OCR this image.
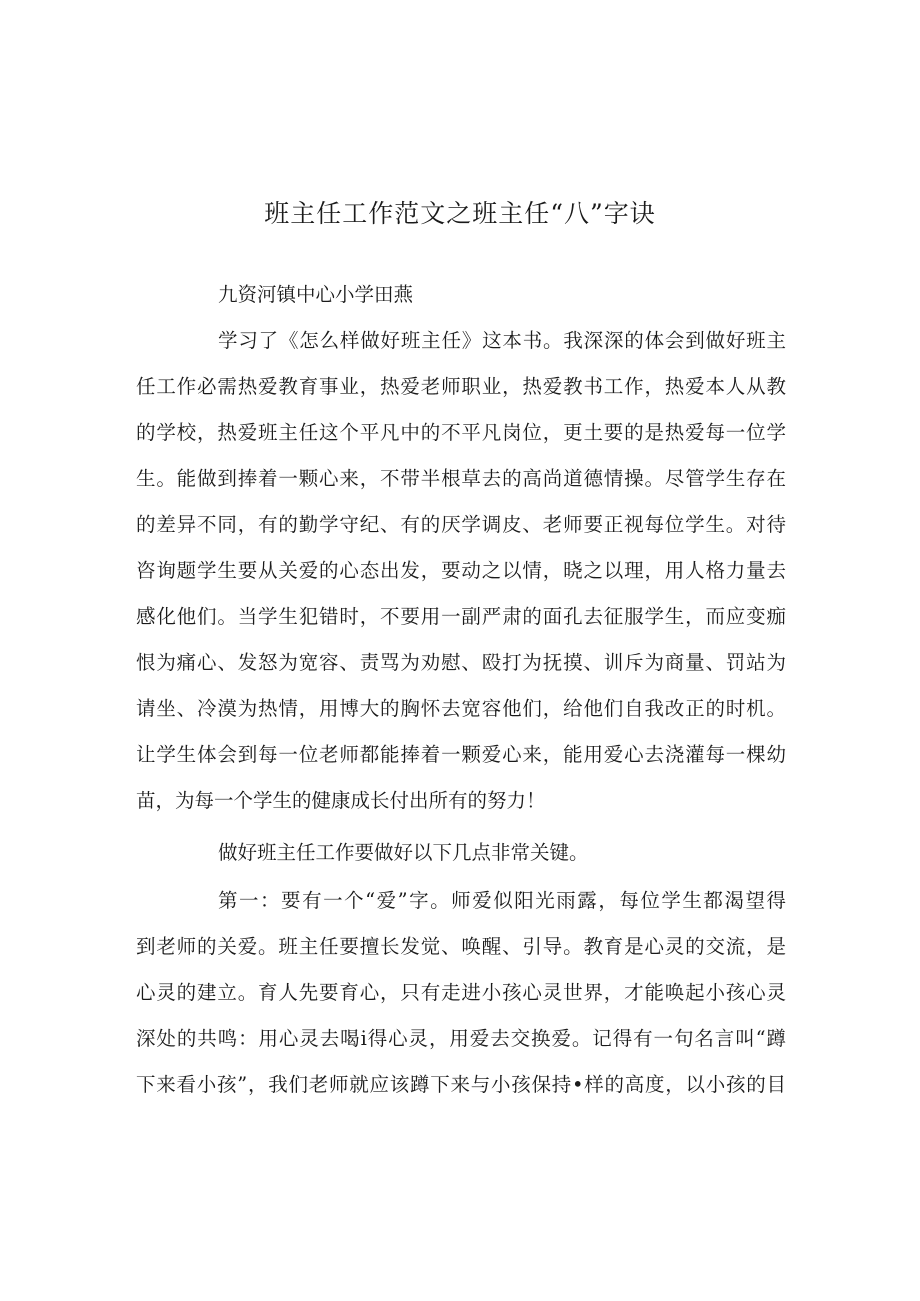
班主任工作范文之班主任“八”字诀
九资河镇中心小学田燕
学习了《怎么样做好班主任》这本书。我深深的体会到做好班主
任工作必需热爱教育事业，热爱老师职业，热爱教书工作，热爱本人从教
的学校，热爱班主任这个平凡中的不平凡岗位，更土要的是热爱每一位学
生。能做到捧着一颗心来，不带半根草去的高尚道德情操。尽管学生存在
的差异不同，有的勤学守纪、有的厌学调皮、老师要正视每位学生。对待
咨询题学生要从关爱的心态出发，要动之以情，晓之以理，用人格力量去
感化他们。当学生犯错时，不要用一副严肃的面孔去征服学生，而应变痂
恨为痛心、发怒为宽容、责骂为劝慰、殴打为抚摸、训斥为商量、罚站为
请坐、冷漠为热情，用博大的胸怀去宽容他们，给他们自我改正的时机。
让学生体会到每一位老师都能捧着一颗爱心来，能用爱心去浇灌每一棵幼
苗，为每一个学生的健康成长付出所有的努力！
做好班主任工作要做好以下几点非常关键。
第一：要有一个“爱”字。师爱似阳光雨露，每位学生都渴望得
到老师的关爱。班主任要擅长发觉、唤醒、引导。教育是心灵的交流，是
心灵的建立。育人先要育心，只有走进小孩心灵世界，才能唤起小孩心灵
深处的共鸣：用心灵去喝i得心灵，用爱去交换爱。记得有一句名言叫“蹲
下来看小孩”，我们老师就应该蹲下来与小孩保持•样的高度，以小孩的目
